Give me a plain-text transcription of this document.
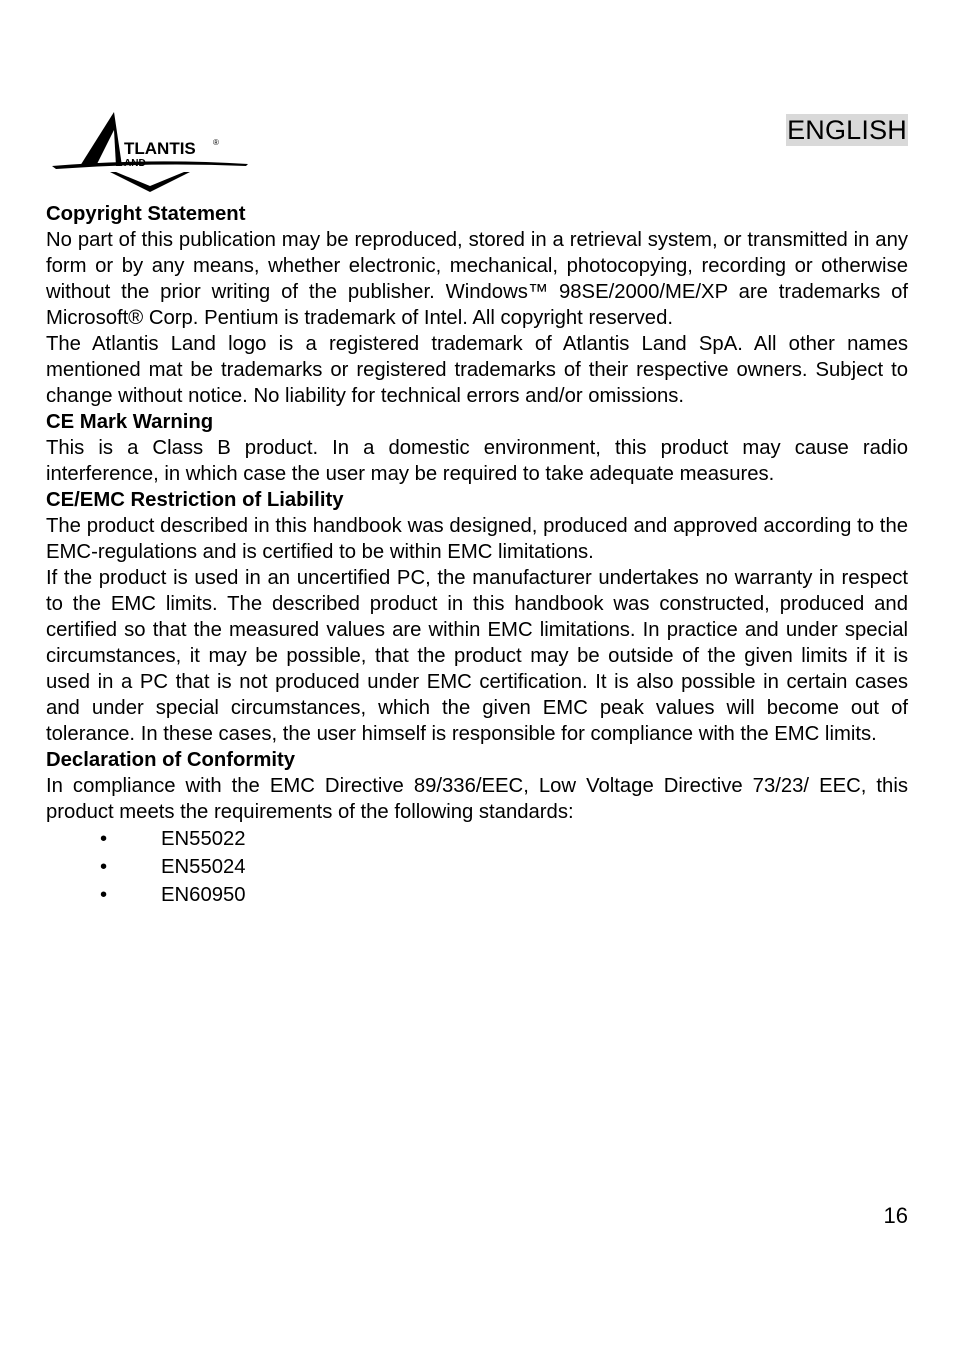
TLANTIS
AND
®	ENGLISH
Copyright Statement

No part of this publication may be reproduced, stored in a retrieval system, or transmitted in any form or by any means, whether electronic, mechanical, photocopying, recording or otherwise without the prior writing of the publisher. Windows™ 98SE/2000/ME/XP are trademarks of Microsoft® Corp. Pentium is trademark of Intel. All copyright reserved.

The Atlantis Land logo is a registered trademark of Atlantis Land SpA. All other names mentioned mat be trademarks or registered trademarks of their respective owners. Subject to change without notice. No liability for technical errors and/or omissions.

CE Mark Warning

This is a Class B product. In a domestic environment, this product may cause radio interference, in which case the user may be required to take adequate measures.

CE/EMC Restriction of Liability

The product described in this handbook was designed, produced and approved according to the EMC-regulations and is certified to be within EMC limitations.

If the product is used in an uncertified PC, the manufacturer undertakes no warranty in respect to the EMC limits. The described product in this handbook was constructed, produced and certified so that the measured values are within EMC limitations. In practice and under special circumstances, it may be possible, that the product may be outside of the given limits if it is used in a PC that is not produced under EMC certification. It is also possible in certain cases and under special circumstances, which the given EMC peak values will become out of tolerance. In these cases, the user himself is responsible for compliance with the EMC limits.

Declaration of Conformity

In compliance with the EMC Directive 89/336/EEC, Low Voltage Directive 73/23/ EEC, this product meets the requirements of the following standards:

•	EN55022
•	EN55024
•	EN60950
16
